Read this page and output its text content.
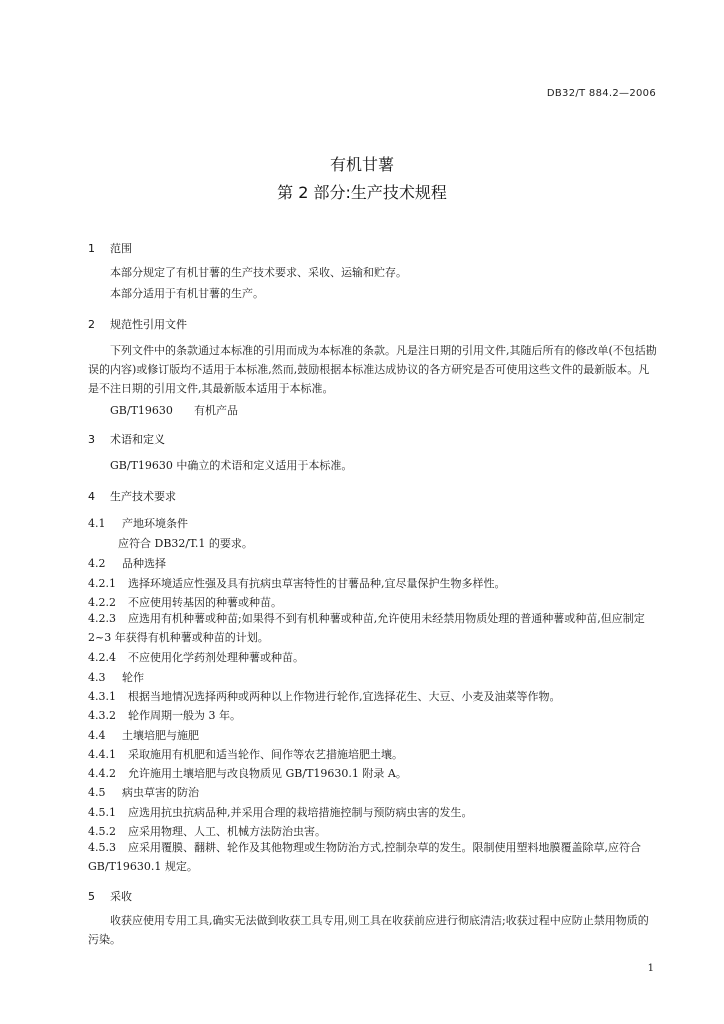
DB32/T 884.2—2006
有机甘薯
第 2 部分:生产技术规程
1 范围
本部分规定了有机甘薯的生产技术要求、采收、运输和贮存。
本部分适用于有机甘薯的生产。
2 规范性引用文件
下列文件中的条款通过本标准的引用而成为本标准的条款。凡是注日期的引用文件,其随后所有的修改单(不包括勘误的内容)或修订版均不适用于本标准,然而,鼓励根据本标准达成协议的各方研究是否可使用这些文件的最新版本。凡是不注日期的引用文件,其最新版本适用于本标准。
GB/T19630 有机产品
3 术语和定义
GB/T19630 中确立的术语和定义适用于本标准。
4 生产技术要求
4.1 产地环境条件
应符合 DB32/T.1 的要求。
4.2 品种选择
4.2.1 选择环境适应性强及具有抗病虫草害特性的甘薯品种,宜尽量保护生物多样性。
4.2.2 不应使用转基因的种薯或种苗。
4.2.3 应选用有机种薯或种苗;如果得不到有机种薯或种苗,允许使用未经禁用物质处理的普通种薯或种苗,但应制定 2~3 年获得有机种薯或种苗的计划。
4.2.4 不应使用化学药剂处理种薯或种苗。
4.3 轮作
4.3.1 根据当地情况选择两种或两种以上作物进行轮作,宜选择花生、大豆、小麦及油菜等作物。
4.3.2 轮作周期一般为 3 年。
4.4 土壤培肥与施肥
4.4.1 采取施用有机肥和适当轮作、间作等农艺措施培肥土壤。
4.4.2 允许施用土壤培肥与改良物质见 GB/T19630.1 附录 A。
4.5 病虫草害的防治
4.5.1 应选用抗虫抗病品种,并采用合理的栽培措施控制与预防病虫害的发生。
4.5.2 应采用物理、人工、机械方法防治虫害。
4.5.3 应采用覆膜、翻耕、轮作及其他物理或生物防治方式,控制杂草的发生。限制使用塑料地膜覆盖除草,应符合 GB/T19630.1 规定。
5 采收
收获应使用专用工具,确实无法做到收获工具专用,则工具在收获前应进行彻底清洁;收获过程中应防止禁用物质的污染。
1
